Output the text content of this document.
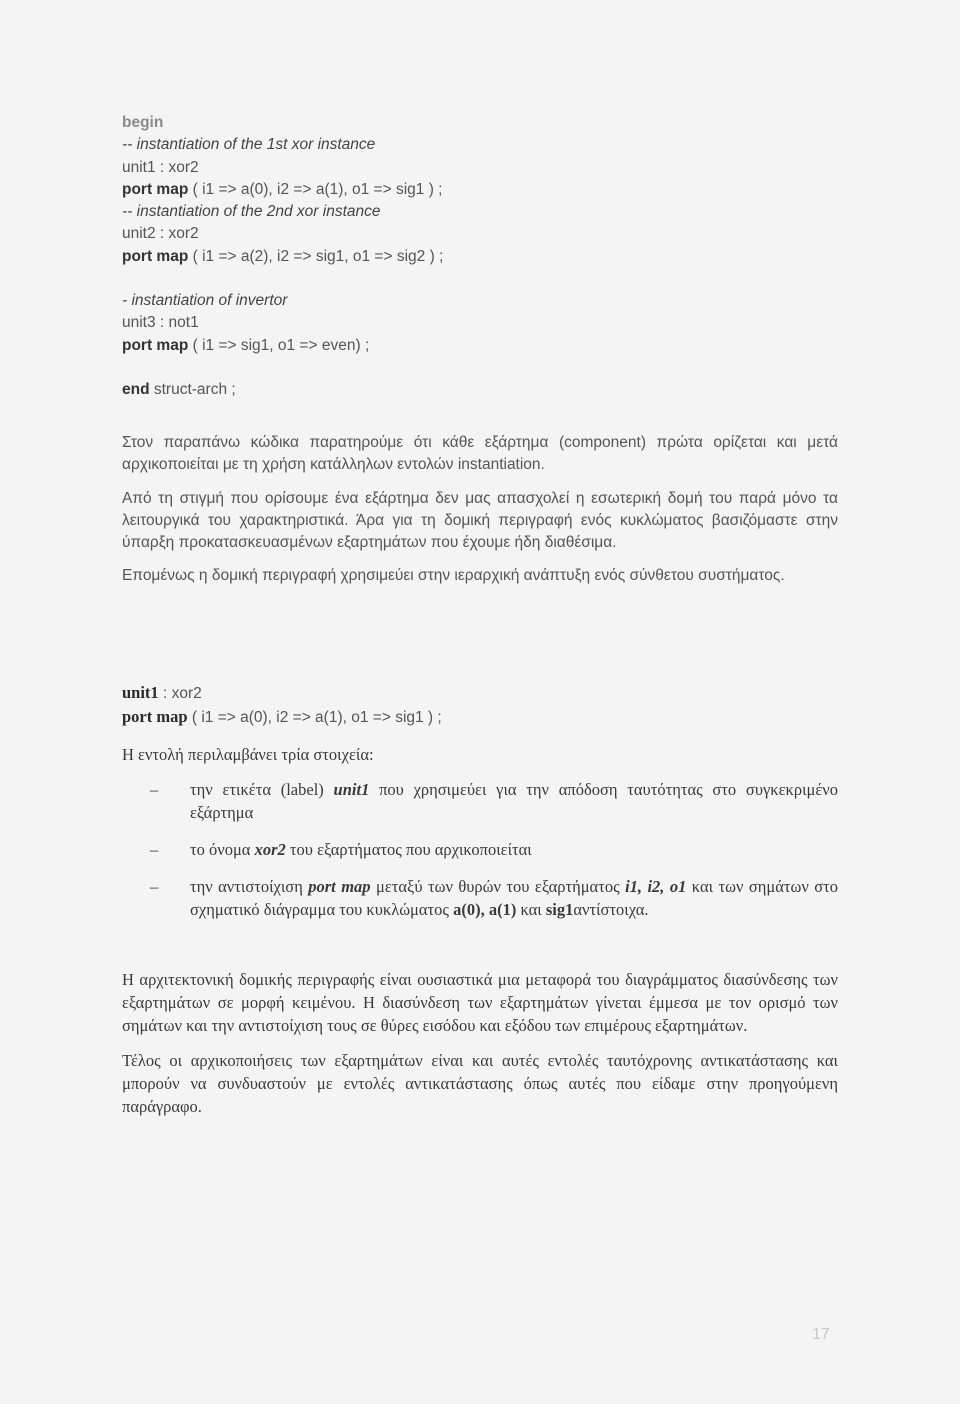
begin
-- instantiation of the 1st xor instance
unit1 : xor2
port map ( i1 => a(0), i2 => a(1), o1 => sig1 ) ;
-- instantiation of the 2nd xor instance
unit2 : xor2
port map ( i1 => a(2), i2 => sig1, o1 => sig2 ) ;
- instantiation of invertor
unit3 : not1
port map ( i1 => sig1, o1 => even) ;
end struct-arch ;

Στον παραπάνω κώδικα παρατηρούμε ότι κάθε εξάρτημα (component) πρώτα ορίζεται και μετά αρχικοποιείται με τη χρήση κατάλληλων εντολών instantiation.

Από τη στιγμή που ορίσουμε ένα εξάρτημα δεν μας απασχολεί η εσωτερική δομή του παρά μόνο τα λειτουργικά του χαρακτηριστικά. Άρα για τη δομική περιγραφή ενός κυκλώματος βασιζόμαστε στην ύπαρξη προκατασκευασμένων εξαρτημάτων που έχουμε ήδη διαθέσιμα.

Επομένως η δομική περιγραφή χρησιμεύει στην ιεραρχική ανάπτυξη ενός σύνθετου συστήματος.

unit1 : xor2
port map ( i1 => a(0), i2 => a(1), o1 => sig1 ) ;
Η εντολή περιλαμβάνει τρία στοιχεία:
– την ετικέτα (label) unit1 που χρησιμεύει για την απόδοση ταυτότητας στο συγκεκριμένο εξάρτημα
– το όνομα xor2 του εξαρτήματος που αρχικοποιείται
– την αντιστοίχιση port map μεταξύ των θυρών του εξαρτήματος i1, i2, o1 και των σημάτων στο σχηματικό διάγραμμα του κυκλώματος a(0), a(1) και sig1αντίστοιχα.

Η αρχιτεκτονική δομικής περιγραφής είναι ουσιαστικά μια μεταφορά του διαγράμματος διασύνδεσης των εξαρτημάτων σε μορφή κειμένου. Η διασύνδεση των εξαρτημάτων γίνεται έμμεσα με τον ορισμό των σημάτων και την αντιστοίχιση τους σε θύρες εισόδου και εξόδου των επιμέρους εξαρτημάτων.

Τέλος οι αρχικοποιήσεις των εξαρτημάτων είναι και αυτές εντολές ταυτόχρονης αντικατάστασης και μπορούν να συνδυαστούν με εντολές αντικατάστασης όπως αυτές που είδαμε στην προηγούμενη παράγραφο.

17
